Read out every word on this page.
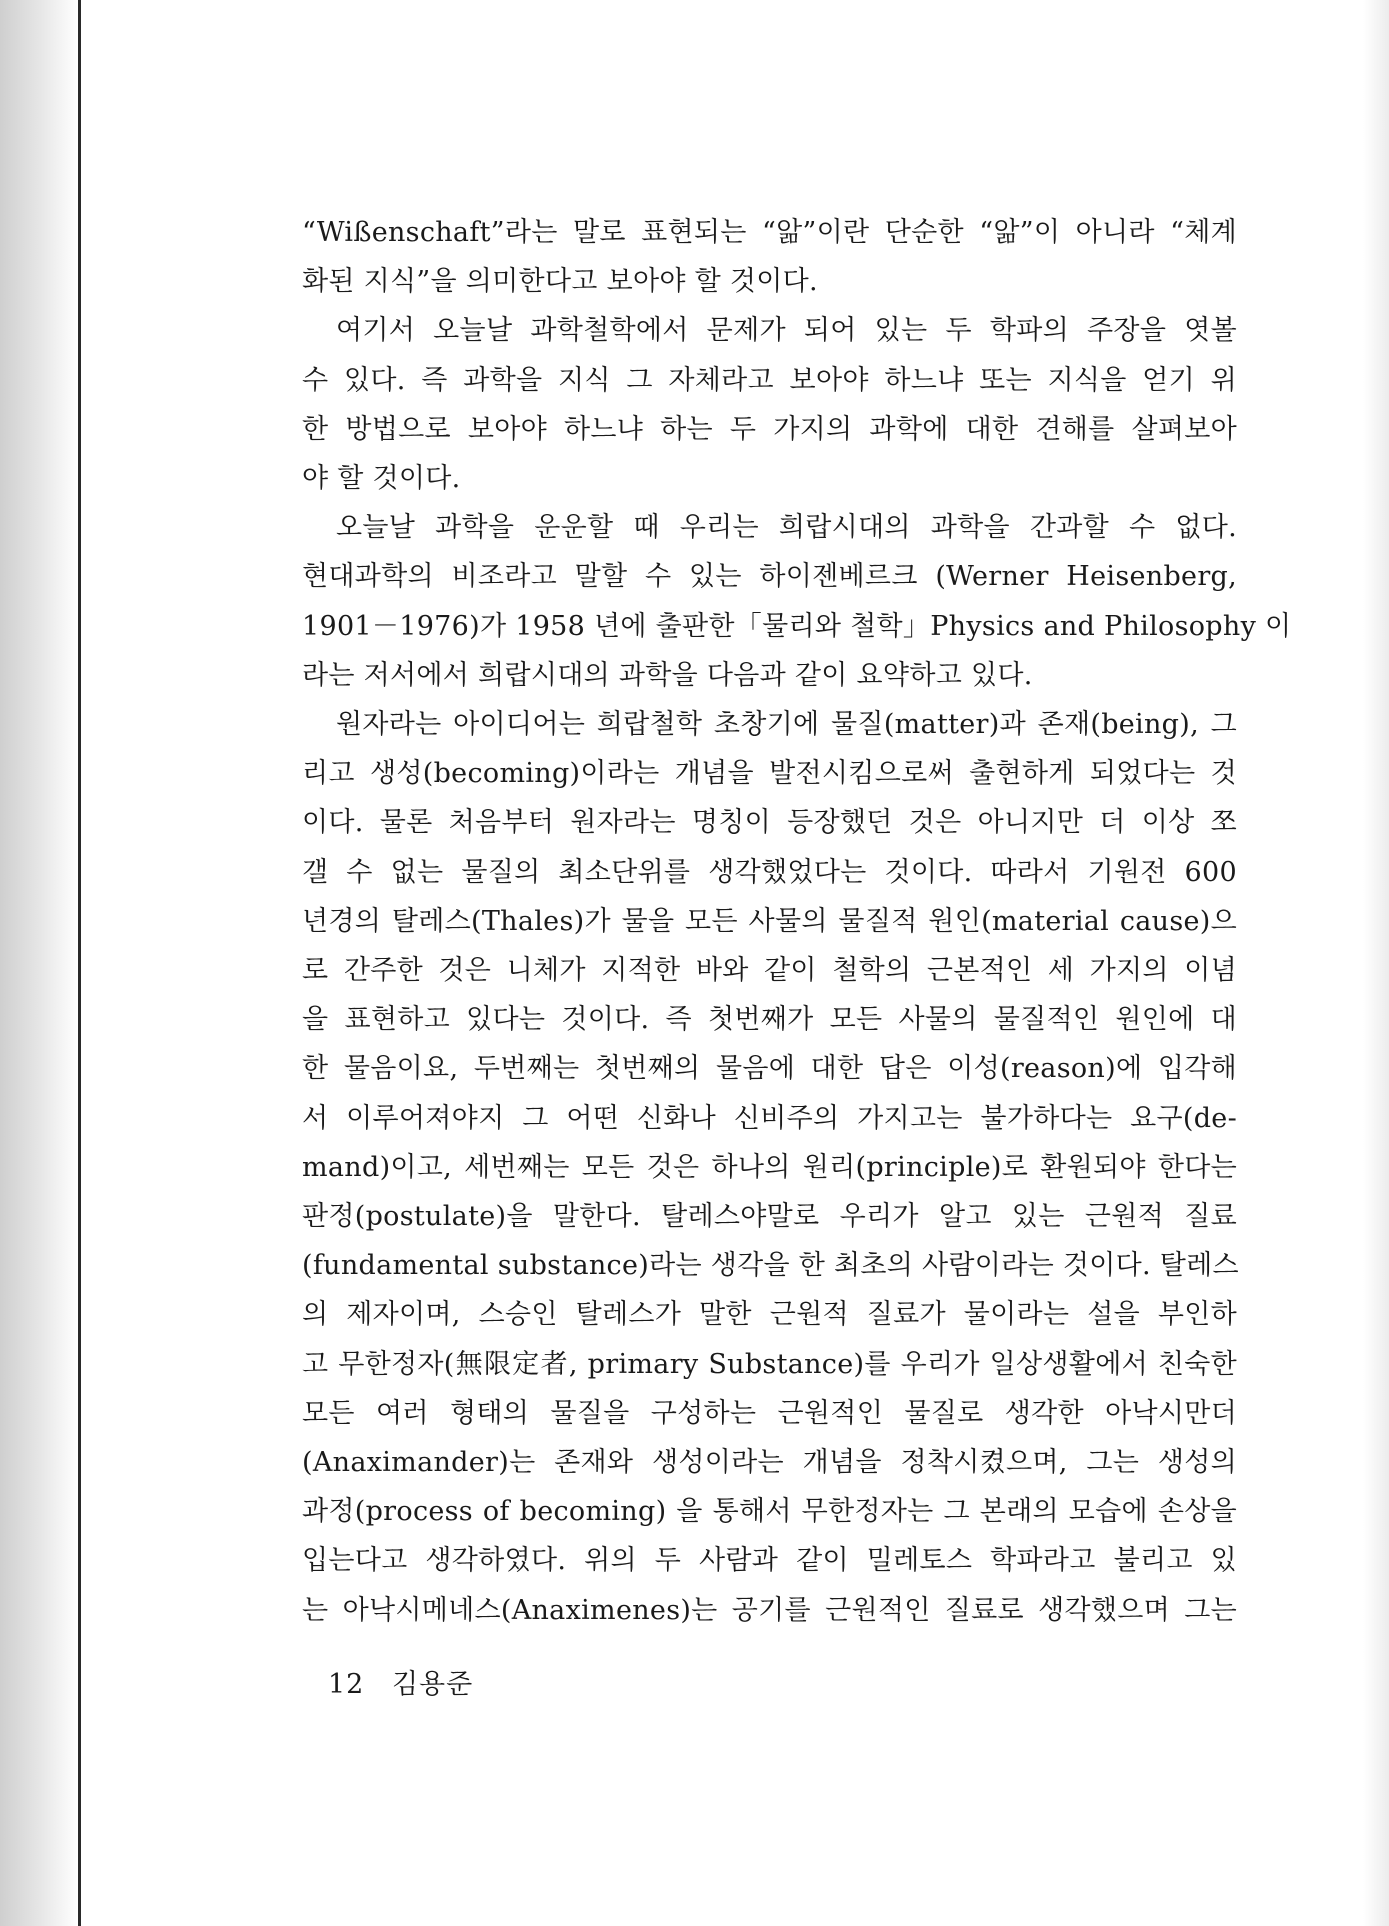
“Wißenschaft”라는 말로 표현되는 “앎”이란 단순한 “앎”이 아니라 “체계
화된 지식”을 의미한다고 보아야 할 것이다.

여기서 오늘날 과학철학에서 문제가 되어 있는 두 학파의 주장을 엿볼
수 있다. 즉 과학을 지식 그 자체라고 보아야 하느냐 또는 지식을 얻기 위
한 방법으로 보아야 하느냐 하는 두 가지의 과학에 대한 견해를 살펴보아
야 할 것이다.

오늘날 과학을 운운할 때 우리는 희랍시대의 과학을 간과할 수 없다.
현대과학의 비조라고 말할 수 있는 하이젠베르크 (Werner Heisenberg,
1901－1976)가 1958 년에 출판한「물리와 철학」Physics and Philosophy 이
라는 저서에서 희랍시대의 과학을 다음과 같이 요약하고 있다.

원자라는 아이디어는 희랍철학 초창기에 물질(matter)과 존재(being), 그
리고 생성(becoming)이라는 개념을 발전시킴으로써 출현하게 되었다는 것
이다. 물론 처음부터 원자라는 명칭이 등장했던 것은 아니지만 더 이상 쪼
갤 수 없는 물질의 최소단위를 생각했었다는 것이다. 따라서 기원전 600
년경의 탈레스(Thales)가 물을 모든 사물의 물질적 원인(material cause)으
로 간주한 것은 니체가 지적한 바와 같이 철학의 근본적인 세 가지의 이념
을 표현하고 있다는 것이다. 즉 첫번째가 모든 사물의 물질적인 원인에 대
한 물음이요, 두번째는 첫번째의 물음에 대한 답은 이성(reason)에 입각해
서 이루어져야지 그 어떤 신화나 신비주의 가지고는 불가하다는 요구(de-
mand)이고, 세번째는 모든 것은 하나의 원리(principle)로 환원되야 한다는
판정(postulate)을 말한다. 탈레스야말로 우리가 알고 있는 근원적 질료
(fundamental substance)라는 생각을 한 최초의 사람이라는 것이다. 탈레스
의 제자이며, 스승인 탈레스가 말한 근원적 질료가 물이라는 설을 부인하
고 무한정자(無限定者, primary Substance)를 우리가 일상생활에서 친숙한
모든 여러 형태의 물질을 구성하는 근원적인 물질로 생각한 아낙시만더
(Anaximander)는 존재와 생성이라는 개념을 정착시켰으며, 그는 생성의
과정(process of becoming) 을 통해서 무한정자는 그 본래의 모습에 손상을
입는다고 생각하였다. 위의 두 사람과 같이 밀레토스 학파라고 불리고 있
는 아낙시메네스(Anaximenes)는 공기를 근원적인 질료로 생각했으며 그는

12 김용준
